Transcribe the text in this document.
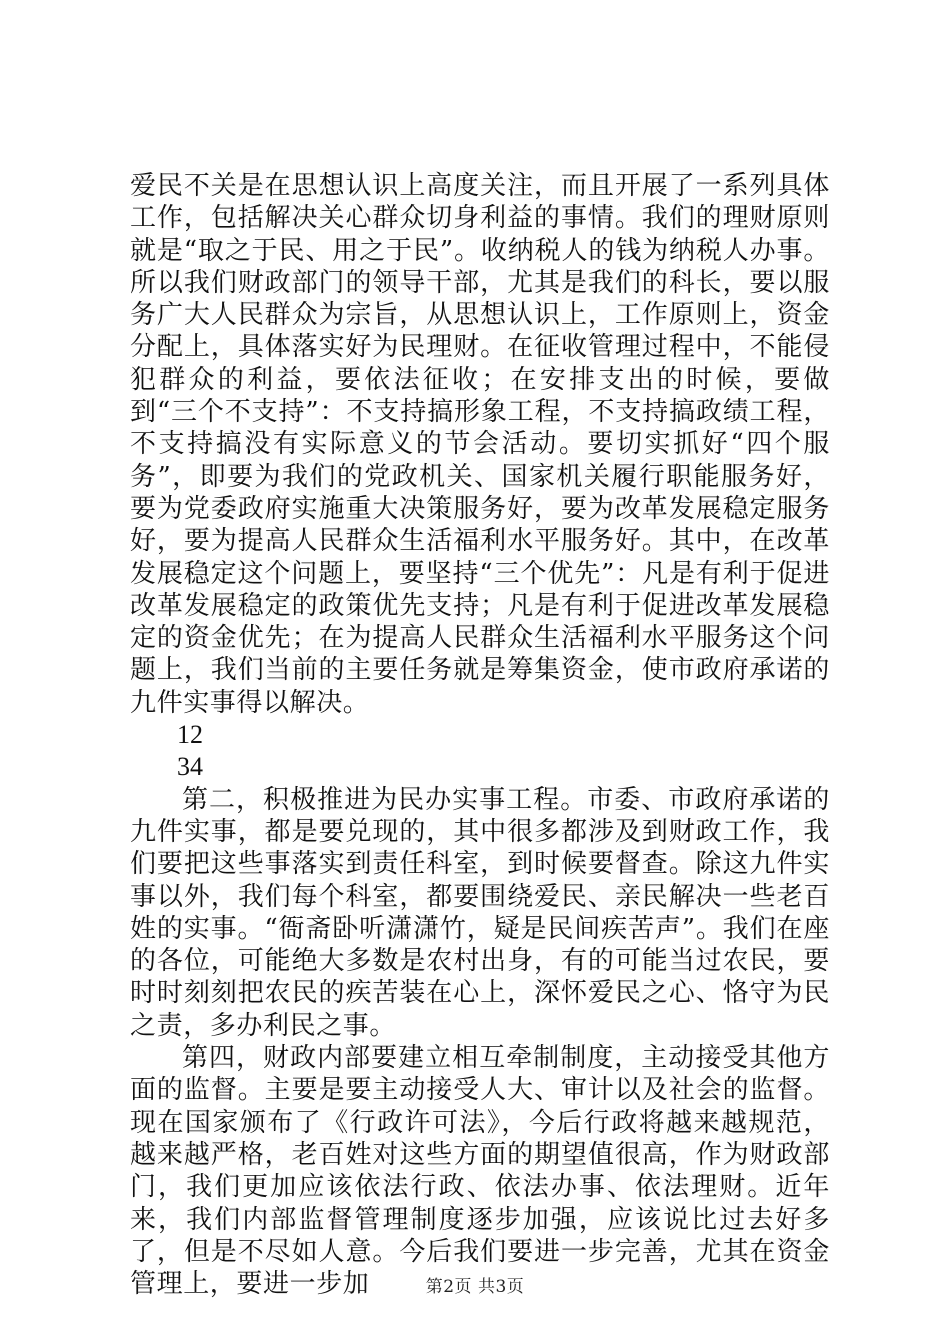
爱民不关是在思想认识上高度关注，而且开展了一系列具体工作，包括解决关心群众切身利益的事情。我们的理财原则就是“取之于民、用之于民”。收纳税人的钱为纳税人办事。所以我们财政部门的领导干部，尤其是我们的科长，要以服务广大人民群众为宗旨，从思想认识上，工作原则上，资金分配上，具体落实好为民理财。在征收管理过程中，不能侵犯群众的利益，要依法征收；在安排支出的时候，要做到“三个不支持”：不支持搞形象工程，不支持搞政绩工程，不支持搞没有实际意义的节会活动。要切实抓好“四个服务”，即要为我们的党政机关、国家机关履行职能服务好，要为党委政府实施重大决策服务好，要为改革发展稳定服务好，要为提高人民群众生活福利水平服务好。其中，在改革发展稳定这个问题上，要坚持“三个优先”：凡是有利于促进改革发展稳定的政策优先支持；凡是有利于促进改革发展稳定的资金优先；在为提高人民群众生活福利水平服务这个问题上，我们当前的主要任务就是筹集资金，使市政府承诺的九件实事得以解决。

12

34

第二，积极推进为民办实事工程。市委、市政府承诺的九件实事，都是要兑现的，其中很多都涉及到财政工作，我们要把这些事落实到责任科室，到时候要督查。除这九件实事以外，我们每个科室，都要围绕爱民、亲民解决一些老百姓的实事。“衙斋卧听潇潇竹，疑是民间疾苦声”。我们在座的各位，可能绝大多数是农村出身，有的可能当过农民，要时时刻刻把农民的疾苦装在心上，深怀爱民之心、恪守为民之责，多办利民之事。

第四，财政内部要建立相互牵制制度，主动接受其他方面的监督。主要是要主动接受人大、审计以及社会的监督。现在国家颁布了《行政许可法》，今后行政将越来越规范，越来越严格，老百姓对这些方面的期望值很高，作为财政部门，我们更加应该依法行政、依法办事、依法理财。近年来，我们内部监督管理制度逐步加强，应该说比过去好多了，但是不尽如人意。今后我们要进一步完善，尤其在资金管理上，要进一步加	第2页 共3页
